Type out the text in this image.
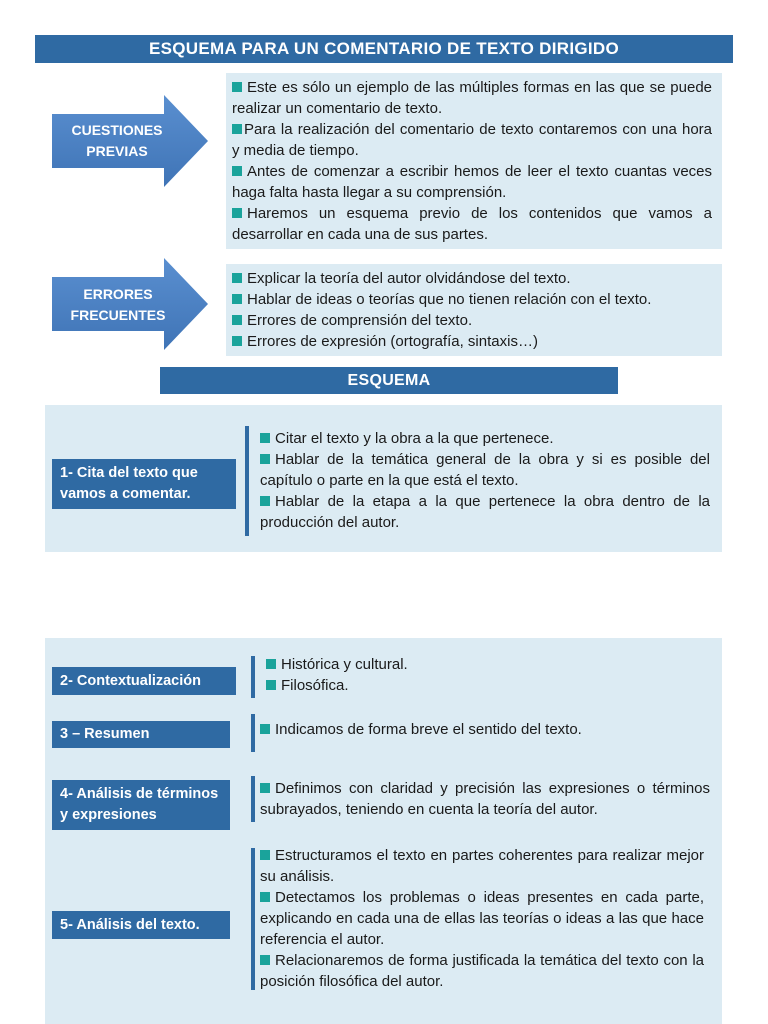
ESQUEMA PARA UN COMENTARIO DE TEXTO DIRIGIDO
CUESTIONES
PREVIAS
Este es sólo un ejemplo de las múltiples formas en las que se puede realizar un comentario de texto.
Para la realización del comentario de texto contaremos con una hora y media de tiempo.
Antes de comenzar a escribir hemos de leer el texto cuantas veces haga falta hasta llegar a su comprensión.
Haremos un esquema previo de los contenidos que vamos a desarrollar en cada una de sus partes.
ERRORES
FRECUENTES
Explicar la teoría del autor olvidándose del texto.
Hablar de ideas o teorías que no tienen relación con el texto.
Errores de comprensión del texto.
Errores de expresión (ortografía, sintaxis…)
ESQUEMA
1- Cita del texto que vamos a comentar.
Citar el texto y la obra a la que pertenece.
Hablar de la temática general de la obra y si es posible del capítulo o parte en la que está el texto.
Hablar de la etapa a la que pertenece la obra dentro de la producción del autor.
2- Contextualización
Histórica y cultural.
Filosófica.
3 – Resumen	Indicamos de forma breve el sentido del texto.
4- Análisis de términos y expresiones
Definimos con claridad y precisión las expresiones o términos subrayados, teniendo en cuenta la teoría del autor.
5- Análisis del texto.
Estructuramos el texto en partes coherentes para realizar mejor su análisis.
Detectamos los problemas o ideas presentes en cada parte, explicando en cada una de ellas las teorías o ideas a las que hace referencia el autor.
Relacionaremos de forma justificada la temática del texto con la posición filosófica del autor.
